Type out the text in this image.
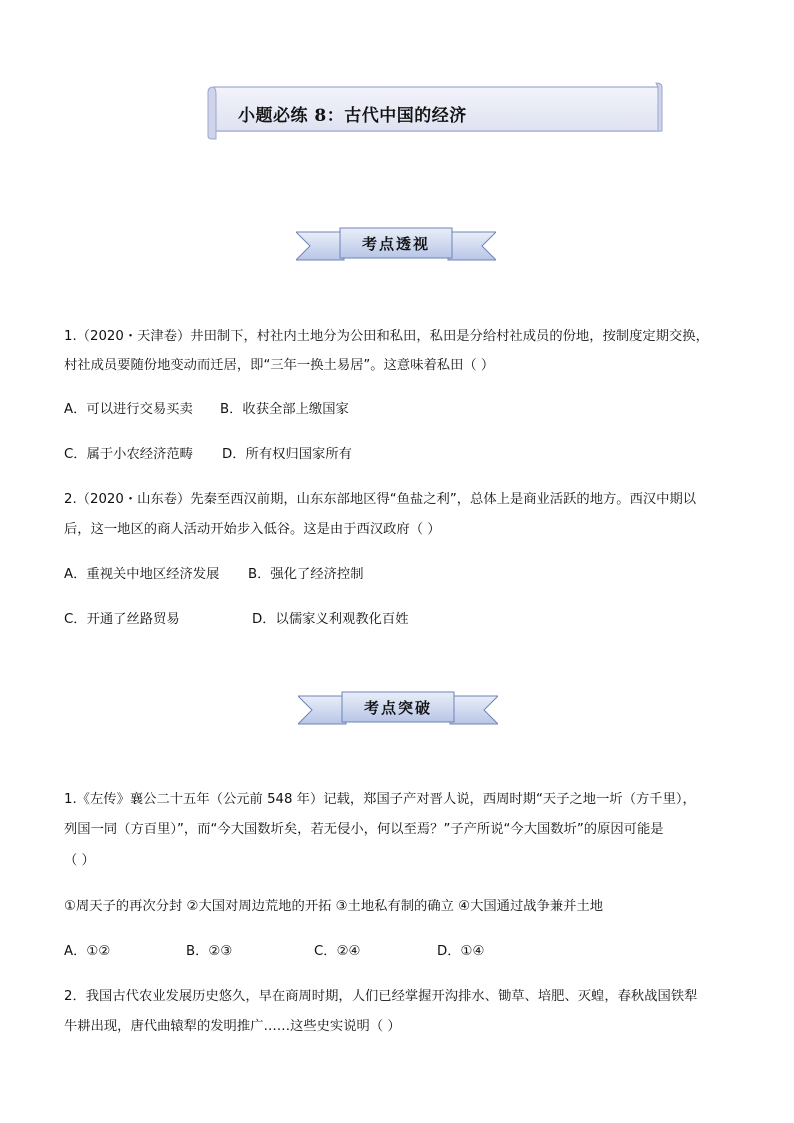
小题必练 8：古代中国的经济
考点透视
1.（2020・天津卷）井田制下，村社内土地分为公田和私田，私田是分给村社成员的份地，按制度定期交换，
村社成员要随份地变动而迁居，即“三年一换土易居”。这意味着私田（ ）
A．可以进行交易买卖 B．收获全部上缴国家
C．属于小农经济范畴 D．所有权归国家所有
2.（2020・山东卷）先秦至西汉前期，山东东部地区得“鱼盐之利”，总体上是商业活跃的地方。西汉中期以
后，这一地区的商人活动开始步入低谷。这是由于西汉政府（ ）
A．重视关中地区经济发展 B．强化了经济控制
C．开通了丝路贸易	D．以儒家义利观教化百姓
考点突破
1.《左传》襄公二十五年（公元前 548 年）记载，郑国子产对晋人说，西周时期“天子之地一圻（方千里），
列国一同（方百里）”，而“今大国数圻矣，若无侵小，何以至焉？”子产所说“今大国数圻”的原因可能是
（ ）
①周天子的再次分封 ②大国对周边荒地的开拓 ③土地私有制的确立 ④大国通过战争兼并土地
A．①②	B．②③	C．②④	D．①④
2．我国古代农业发展历史悠久，早在商周时期，人们已经掌握开沟排水、锄草、培肥、灭蝗，春秋战国铁犁
牛耕出现，唐代曲辕犁的发明推广……这些史实说明（ ）
